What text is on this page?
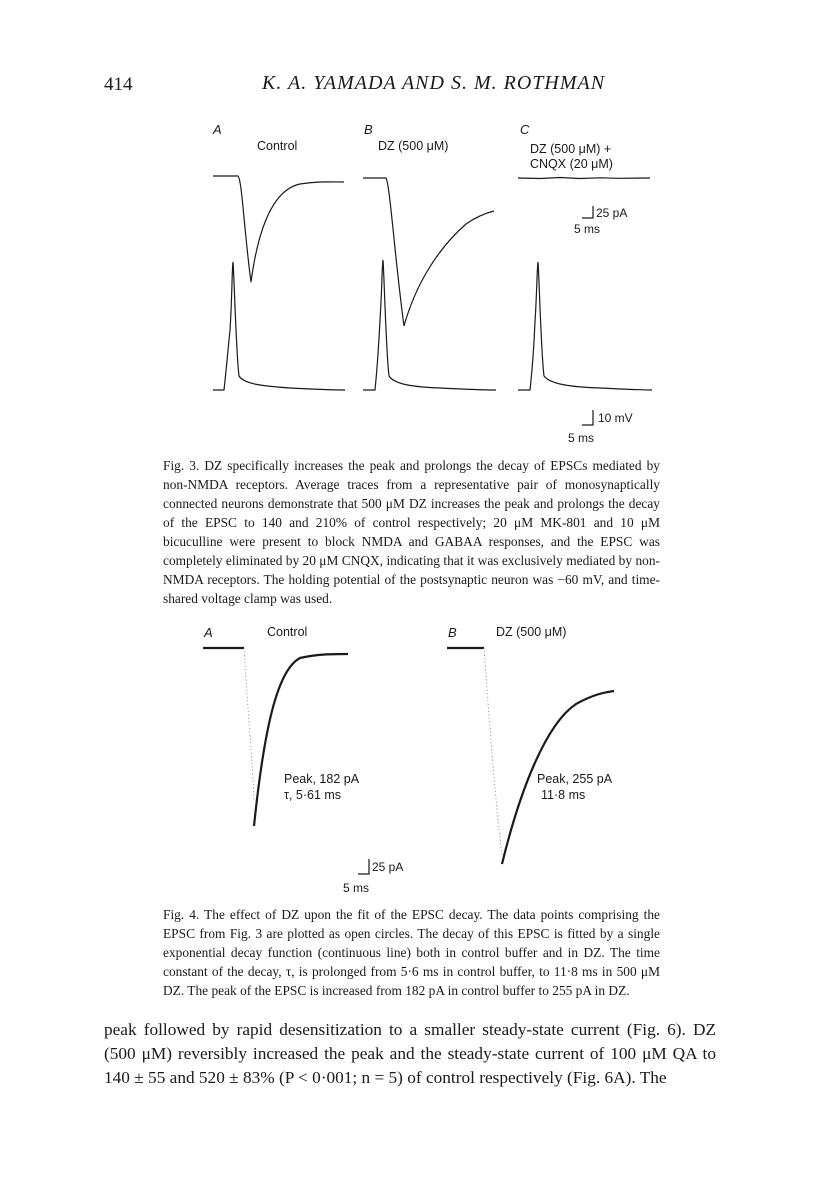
414	K. A. YAMADA AND S. M. ROTHMAN
A
Control
B
DZ (500 μM)
C
DZ (500 μM) +
CNQX (20 μM)
25 pA
5 ms
10 mV
5 ms
Fig. 3. DZ specifically increases the peak and prolongs the decay of EPSCs mediated by non-NMDA receptors. Average traces from a representative pair of monosynaptically connected neurons demonstrate that 500 μM DZ increases the peak and prolongs the decay of the EPSC to 140 and 210% of control respectively; 20 μM MK-801 and 10 μM bicuculline were present to block NMDA and GABAA responses, and the EPSC was completely eliminated by 20 μM CNQX, indicating that it was exclusively mediated by non-NMDA receptors. The holding potential of the postsynaptic neuron was −60 mV, and time-shared voltage clamp was used.
A	Control
Peak, 182 pA
τ, 5·61 ms
B	DZ (500 μM)
Peak, 255 pA
11·8 ms
25 pA
5 ms
Fig. 4. The effect of DZ upon the fit of the EPSC decay. The data points comprising the EPSC from Fig. 3 are plotted as open circles. The decay of this EPSC is fitted by a single exponential decay function (continuous line) both in control buffer and in DZ. The time constant of the decay, τ, is prolonged from 5·6 ms in control buffer, to 11·8 ms in 500 μM DZ. The peak of the EPSC is increased from 182 pA in control buffer to 255 pA in DZ.
peak followed by rapid desensitization to a smaller steady-state current (Fig. 6). DZ (500 μM) reversibly increased the peak and the steady-state current of 100 μM QA to 140 ± 55 and 520 ± 83% (P < 0·001; n = 5) of control respectively (Fig. 6A). The
